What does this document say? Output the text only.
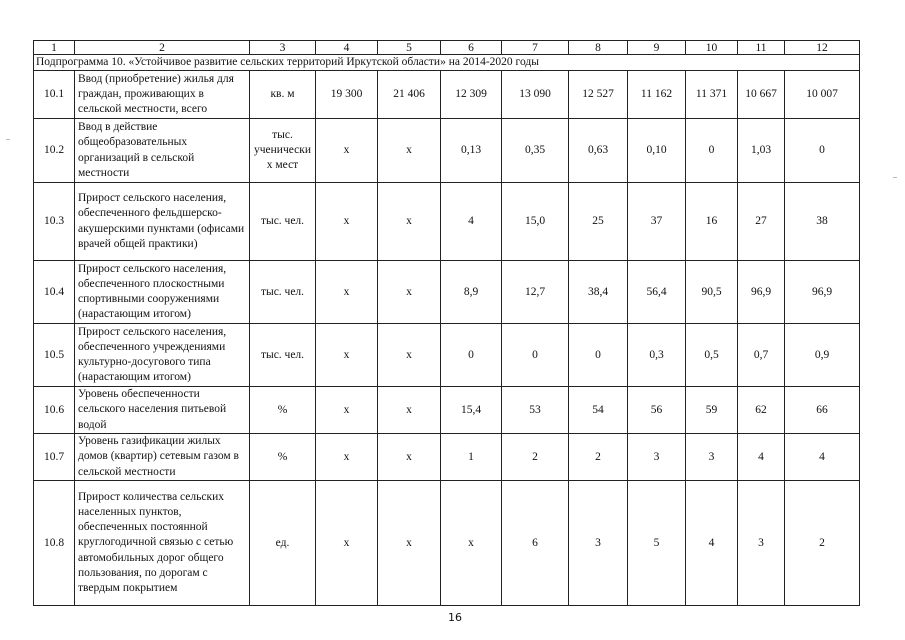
1	2	3	4	5	6	7	8	9	10	11	12
Подпрограмма 10. «Устойчивое развитие сельских территорий Иркутской области» на 2014-2020 годы											
10.1	Ввод (приобретение) жилья для граждан, проживающих в сельской местности, всего	кв. м	19 300	21 406	12 309	13 090	12 527	11 162	11 371	10 667	10 007
10.2	Ввод в действие общеобразовательных организаций в сельской местности	тыс. ученически х мест	x	x	0,13	0,35	0,63	0,10	0	1,03	0
10.3	Прирост сельского населения, обеспеченного фельдшерско-акушерскими пунктами (офисами врачей общей практики)	тыс. чел.	x	x	4	15,0	25	37	16	27	38
10.4	Прирост сельского населения, обеспеченного плоскостными спортивными сооружениями (нарастающим итогом)	тыс. чел.	x	x	8,9	12,7	38,4	56,4	90,5	96,9	96,9
10.5	Прирост сельского населения, обеспеченного учреждениями культурно-досугового типа (нарастающим итогом)	тыс. чел.	x	x	0	0	0	0,3	0,5	0,7	0,9
10.6	Уровень обеспеченности сельского населения питьевой водой	%	x	x	15,4	53	54	56	59	62	66
10.7	Уровень газификации жилых домов (квартир) сетевым газом в сельской местности	%	x	x	1	2	2	3	3	4	4
10.8	Прирост количества сельских населенных пунктов, обеспеченных постоянной круглогодичной связью с сетью автомобильных дорог общего пользования, по дорогам с твердым покрытием	ед.	x	x	x	6	3	5	4	3	2
16
